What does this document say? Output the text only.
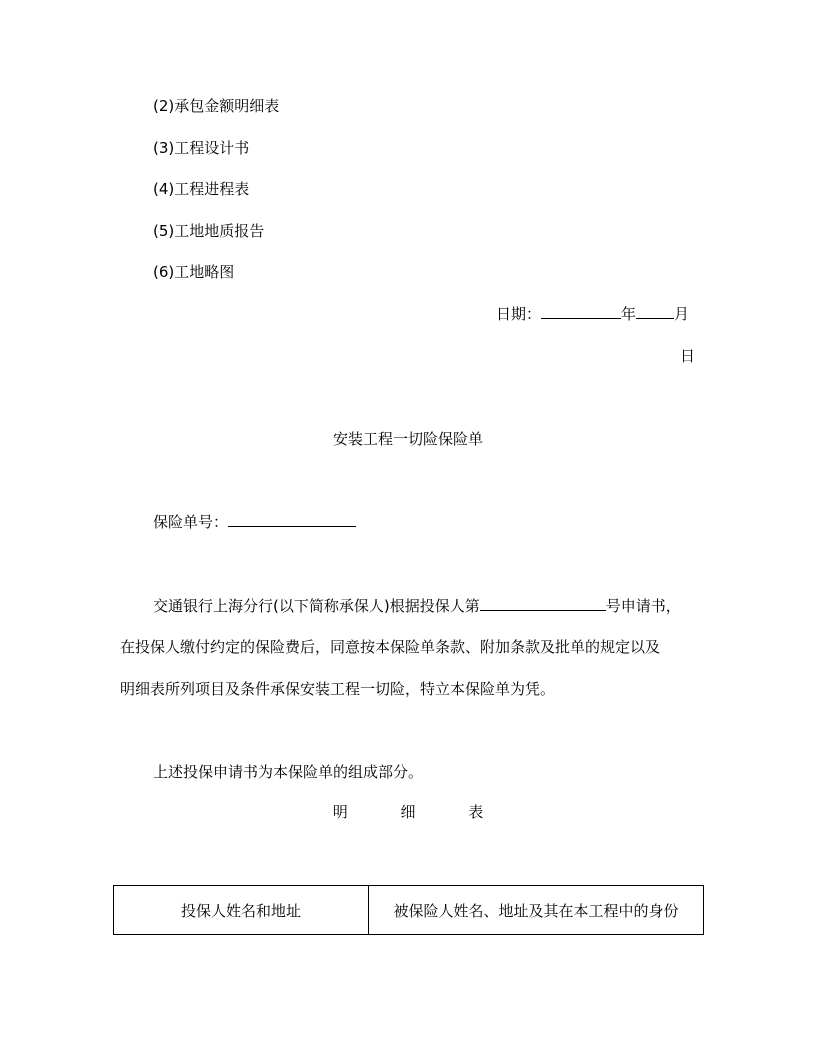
(2)承包金额明细表
(3)工程设计书
(4)工程进程表
(5)工地地质报告
(6)工地略图
日期：	年	月
日
安装工程一切险保险单
保险单号：
交通银行上海分行(以下简称承保人)根据投保人第	号申请书，
在投保人缴付约定的保险费后，同意按本保险单条款、附加条款及批单的规定以及
明细表所列项目及条件承保安装工程一切险，特立本保险单为凭。
上述投保申请书为本保险单的组成部分。
明	细	表
投保人姓名和地址	被保险人姓名、地址及其在本工程中的身份
